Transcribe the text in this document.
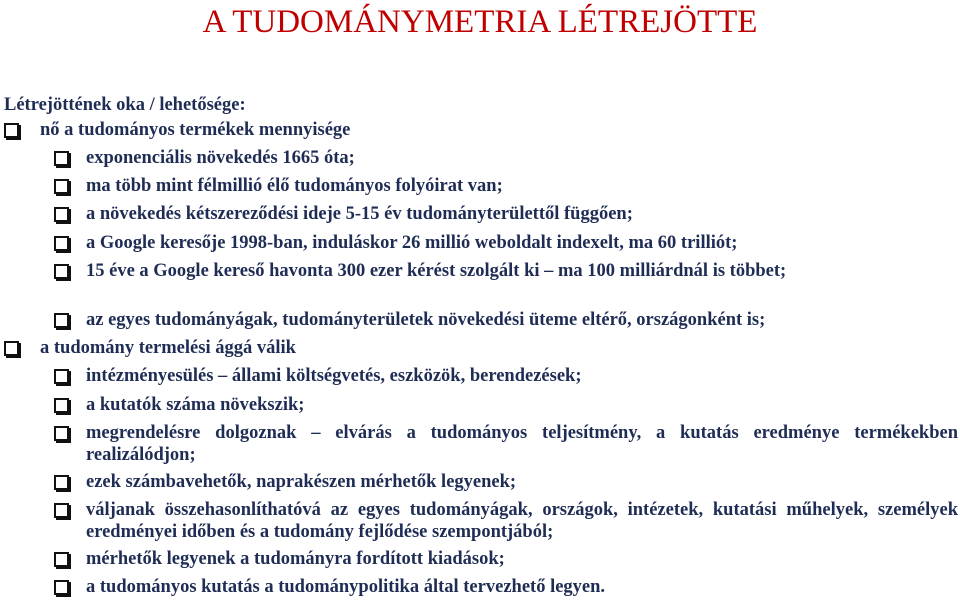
A TUDOMÁNYMETRIA LÉTREJÖTTE

Létrejöttének oka / lehetősége:

nő a tudományos termékek mennyisége
exponenciális növekedés 1665 óta;
ma több mint félmillió élő tudományos folyóirat van;
a növekedés kétszereződési ideje 5-15 év tudományterülettől függően;
a Google keresője 1998-ban, induláskor 26 millió weboldalt indexelt, ma 60 trilliót;
15 éve a Google kereső havonta 300 ezer kérést szolgált ki – ma 100 milliárdnál is többet;
az egyes tudományágak, tudományterületek növekedési üteme eltérő, országonként is;
a tudomány termelési ággá válik
intézményesülés – állami költségvetés, eszközök, berendezések;
a kutatók száma növekszik;
megrendelésre dolgoznak – elvárás a tudományos teljesítmény, a kutatás eredménye termékekben realizálódjon;
ezek számbavehetők, naprakészen mérhetők legyenek;
váljanak összehasonlíthatóvá az egyes tudományágak, országok, intézetek, kutatási műhelyek, személyek eredményei időben és a tudomány fejlődése szempontjából;
mérhetők legyenek a tudományra fordított kiadások;
a tudományos kutatás a tudománypolitika által tervezhető legyen.
